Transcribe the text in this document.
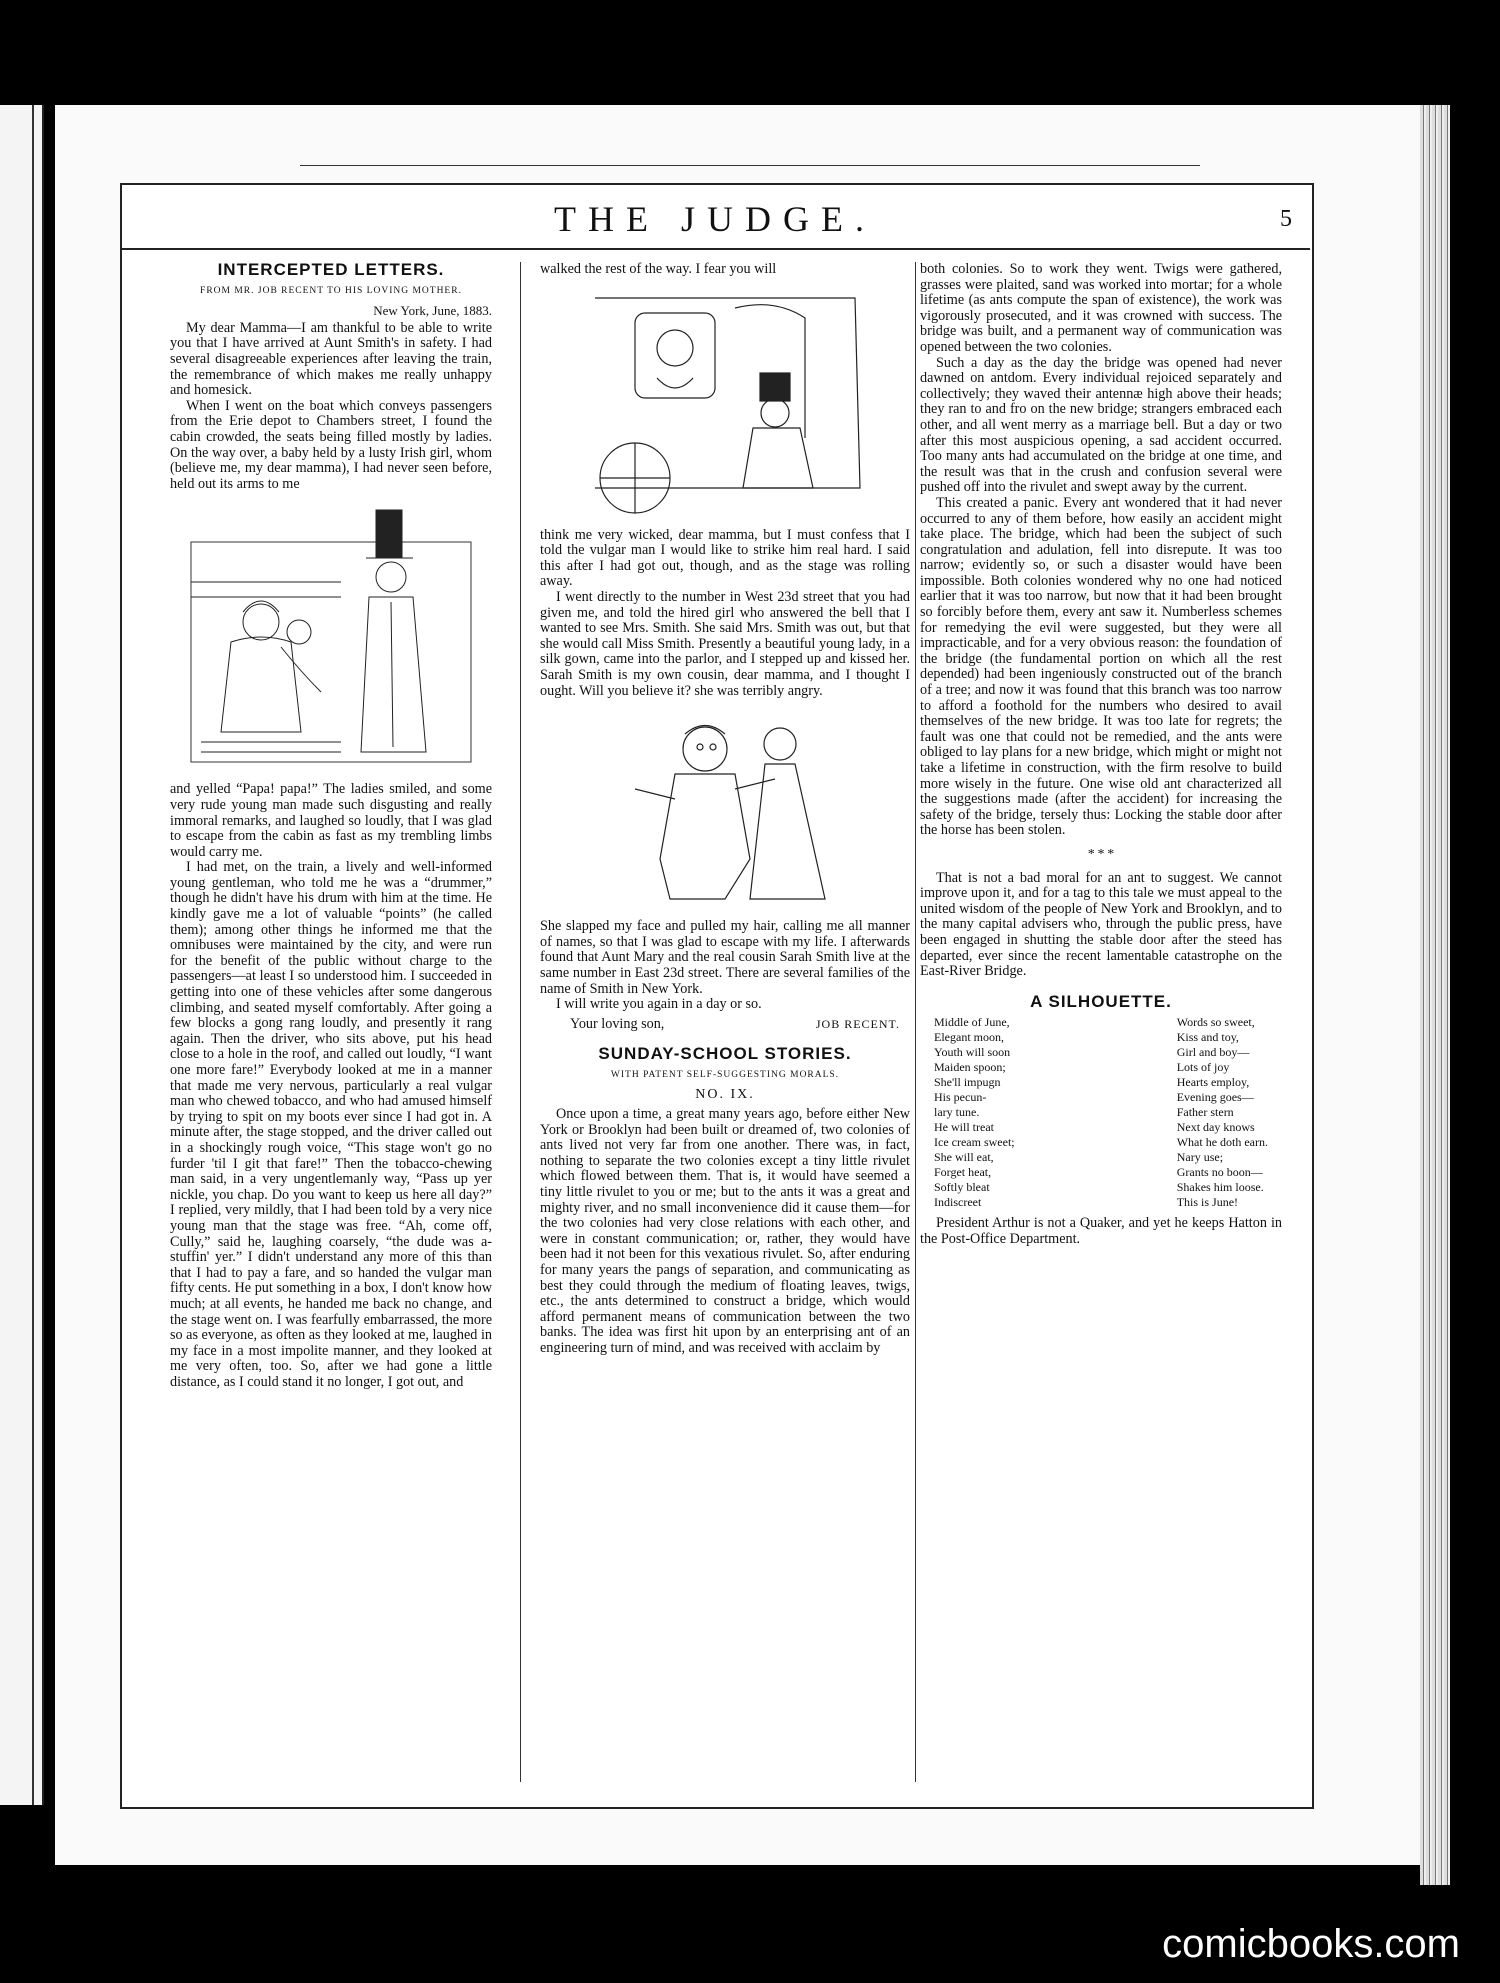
THE JUDGE.	5
INTERCEPTED LETTERS.
FROM MR. JOB RECENT TO HIS LOVING MOTHER.
New York, June, 1883.

My dear Mamma—I am thankful to be able to write you that I have arrived at Aunt Smith's in safety. I had several disagreeable experiences after leaving the train, the remembrance of which makes me really unhappy and homesick.

When I went on the boat which conveys passengers from the Erie depot to Chambers street, I found the cabin crowded, the seats being filled mostly by ladies. On the way over, a baby held by a lusty Irish girl, whom (believe me, my dear mamma), I had never seen before, held out its arms to me

and yelled “Papa! papa!” The ladies smiled, and some very rude young man made such disgusting and really immoral remarks, and laughed so loudly, that I was glad to escape from the cabin as fast as my trembling limbs would carry me.

I had met, on the train, a lively and well-informed young gentleman, who told me he was a “drummer,” though he didn't have his drum with him at the time. He kindly gave me a lot of valuable “points” (he called them); among other things he informed me that the omnibuses were maintained by the city, and were run for the benefit of the public without charge to the passengers—at least I so understood him. I succeeded in getting into one of these vehicles after some dangerous climbing, and seated myself comfortably. After going a few blocks a gong rang loudly, and presently it rang again. Then the driver, who sits above, put his head close to a hole in the roof, and called out loudly, “I want one more fare!” Everybody looked at me in a manner that made me very nervous, particularly a real vulgar man who chewed tobacco, and who had amused himself by trying to spit on my boots ever since I had got in. A minute after, the stage stopped, and the driver called out in a shockingly rough voice, “This stage won't go no furder 'til I git that fare!” Then the tobacco-chewing man said, in a very ungentlemanly way, “Pass up yer nickle, you chap. Do you want to keep us here all day?” I replied, very mildly, that I had been told by a very nice young man that the stage was free. “Ah, come off, Cully,” said he, laughing coarsely, “the dude was a-stuffin' yer.” I didn't understand any more of this than that I had to pay a fare, and so handed the vulgar man fifty cents. He put something in a box, I don't know how much; at all events, he handed me back no change, and the stage went on. I was fearfully embarrassed, the more so as everyone, as often as they looked at me, laughed in my face in a most impolite manner, and they looked at me very often, too. So, after we had gone a little distance, as I could stand it no longer, I got out, and

walked the rest of the way. I fear you will

think me very wicked, dear mamma, but I must confess that I told the vulgar man I would like to strike him real hard. I said this after I had got out, though, and as the stage was rolling away.

I went directly to the number in West 23d street that you had given me, and told the hired girl who answered the bell that I wanted to see Mrs. Smith. She said Mrs. Smith was out, but that she would call Miss Smith. Presently a beautiful young lady, in a silk gown, came into the parlor, and I stepped up and kissed her. Sarah Smith is my own cousin, dear mamma, and I thought I ought. Will you believe it? she was terribly angry.

She slapped my face and pulled my hair, calling me all manner of names, so that I was glad to escape with my life. I afterwards found that Aunt Mary and the real cousin Sarah Smith live at the same number in East 23d street. There are several families of the name of Smith in New York.

I will write you again in a day or so.

Your loving son,	JOB RECENT.
SUNDAY-SCHOOL STORIES.
WITH PATENT SELF-SUGGESTING MORALS.
NO. IX.

Once upon a time, a great many years ago, before either New York or Brooklyn had been built or dreamed of, two colonies of ants lived not very far from one another. There was, in fact, nothing to separate the two colonies except a tiny little rivulet which flowed between them. That is, it would have seemed a tiny little rivulet to you or me; but to the ants it was a great and mighty river, and no small inconvenience did it cause them—for the two colonies had very close relations with each other, and were in constant communication; or, rather, they would have been had it not been for this vexatious rivulet. So, after enduring for many years the pangs of separation, and communicating as best they could through the medium of floating leaves, twigs, etc., the ants determined to construct a bridge, which would afford permanent means of communication between the two banks. The idea was first hit upon by an enterprising ant of an engineering turn of mind, and was received with acclaim by

both colonies. So to work they went. Twigs were gathered, grasses were plaited, sand was worked into mortar; for a whole lifetime (as ants compute the span of existence), the work was vigorously prosecuted, and it was crowned with success. The bridge was built, and a permanent way of communication was opened between the two colonies.

Such a day as the day the bridge was opened had never dawned on antdom. Every individual rejoiced separately and collectively; they waved their antennæ high above their heads; they ran to and fro on the new bridge; strangers embraced each other, and all went merry as a marriage bell. But a day or two after this most auspicious opening, a sad accident occurred. Too many ants had accumulated on the bridge at one time, and the result was that in the crush and confusion several were pushed off into the rivulet and swept away by the current.

This created a panic. Every ant wondered that it had never occurred to any of them before, how easily an accident might take place. The bridge, which had been the subject of such congratulation and adulation, fell into disrepute. It was too narrow; evidently so, or such a disaster would have been impossible. Both colonies wondered why no one had noticed earlier that it was too narrow, but now that it had been brought so forcibly before them, every ant saw it. Numberless schemes for remedying the evil were suggested, but they were all impracticable, and for a very obvious reason: the foundation of the bridge (the fundamental portion on which all the rest depended) had been ingeniously constructed out of the branch of a tree; and now it was found that this branch was too narrow to afford a foothold for the numbers who desired to avail themselves of the new bridge. It was too late for regrets; the fault was one that could not be remedied, and the ants were obliged to lay plans for a new bridge, which might or might not take a lifetime in construction, with the firm resolve to build more wisely in the future. One wise old ant characterized all the suggestions made (after the accident) for increasing the safety of the bridge, tersely thus: Locking the stable door after the horse has been stolen.

* * *

That is not a bad moral for an ant to suggest. We cannot improve upon it, and for a tag to this tale we must appeal to the united wisdom of the people of New York and Brooklyn, and to the many capital advisers who, through the public press, have been engaged in shutting the stable door after the steed has departed, ever since the recent lamentable catastrophe on the East-River Bridge.

A SILHOUETTE.
Middle of June,
Elegant moon,
Youth will soon
Maiden spoon;
She'll impugn
His pecun-
lary tune.
He will treat
Ice cream sweet;
She will eat,
Forget heat,
Softly bleat
Indiscreet
Words so sweet,
Kiss and toy,
Girl and boy—
Lots of joy
Hearts employ,
Evening goes—
Father stern
Next day knows
What he doth earn.
Nary use;
Grants no boon—
Shakes him loose.
This is June!

President Arthur is not a Quaker, and yet he keeps Hatton in the Post-Office Department.

comicbooks.com
